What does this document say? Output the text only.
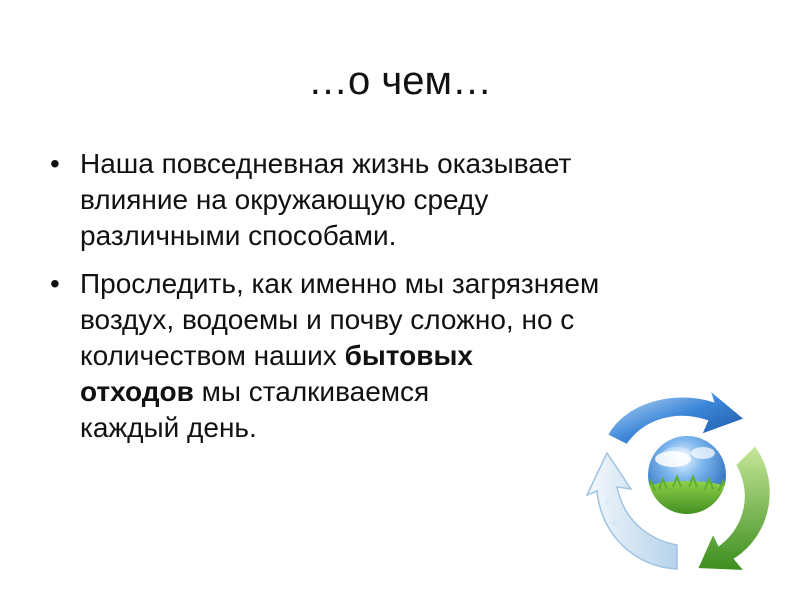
…о чем…
• Наша повседневная жизнь оказывает
влияние на окружающую среду
различными способами.

• Проследить, как именно мы загрязняем
воздух, водоемы и почву сложно, но с
количеством наших бытовых
отходов мы сталкиваемся
каждый день.
